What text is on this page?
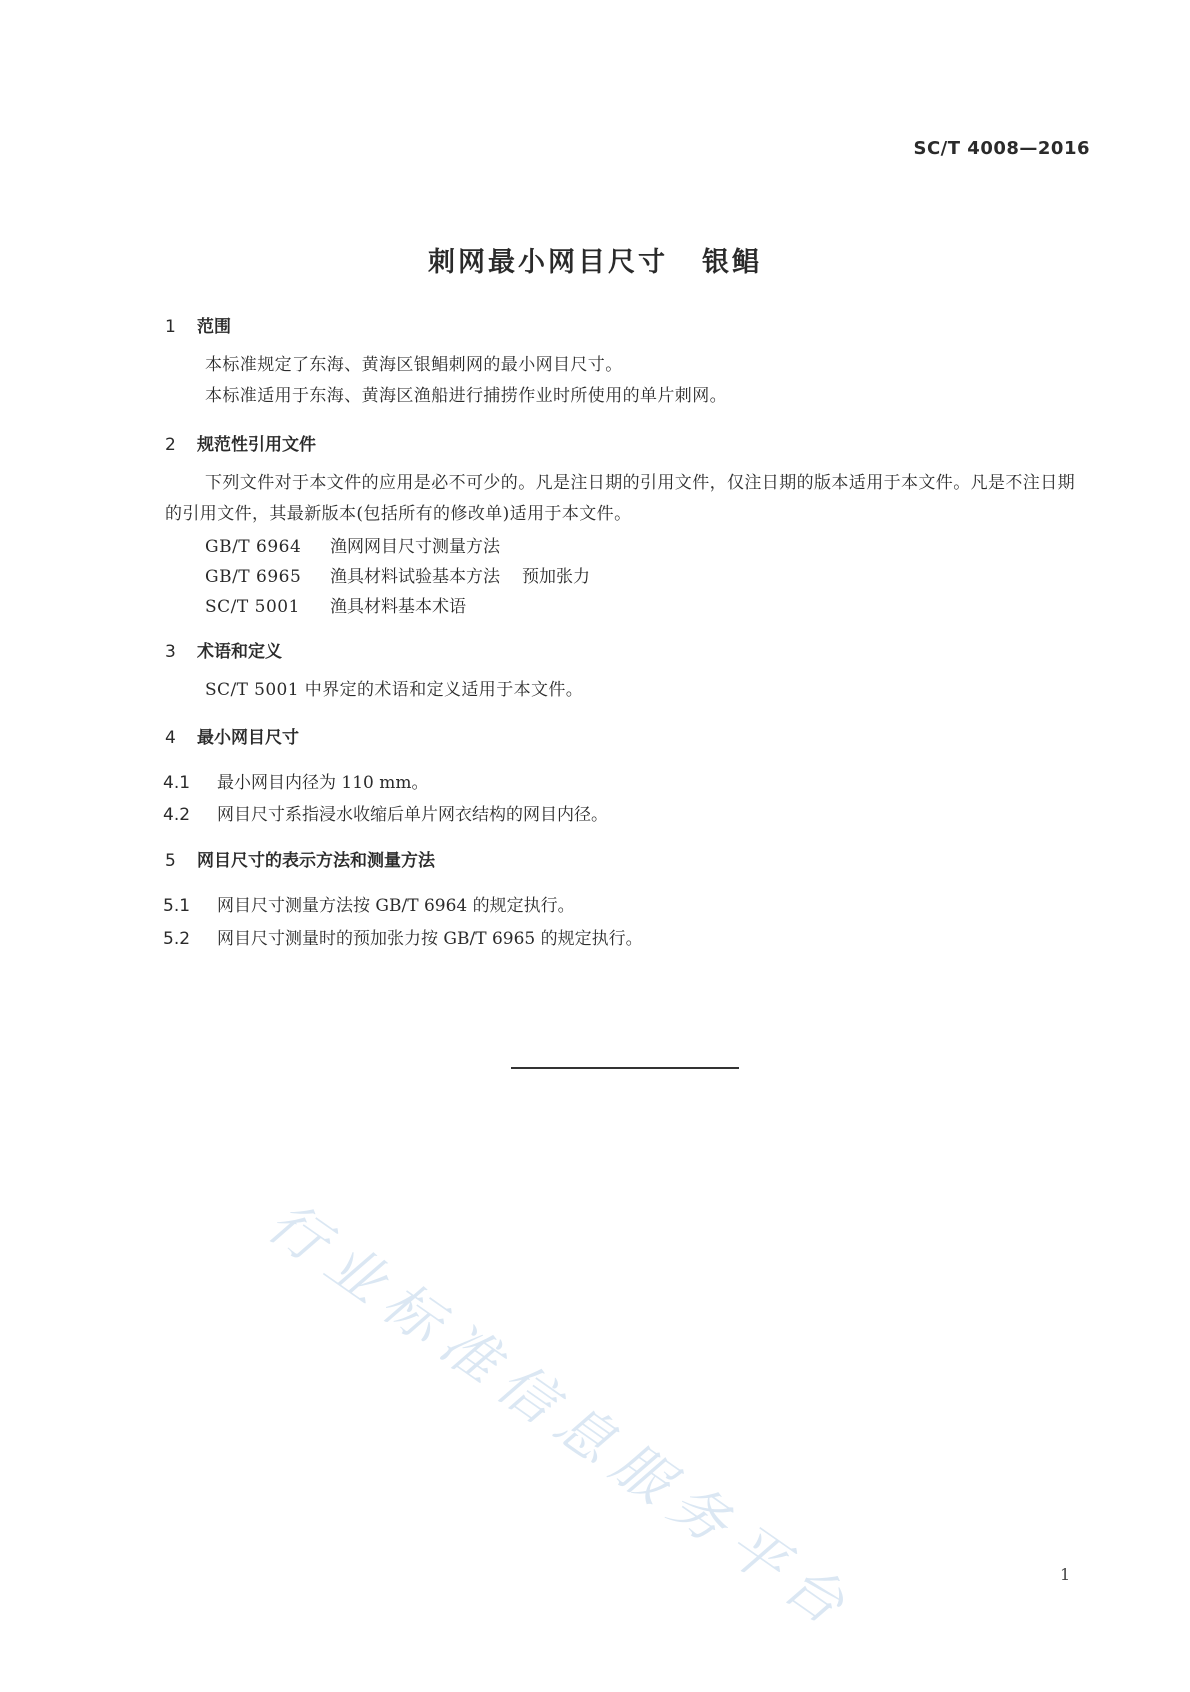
SC/T 4008—2016
刺网最小网目尺寸 银鲳
1 范围
本标准规定了东海、黄海区银鲳刺网的最小网目尺寸。
本标准适用于东海、黄海区渔船进行捕捞作业时所使用的单片刺网。
2 规范性引用文件
下列文件对于本文件的应用是必不可少的。凡是注日期的引用文件，仅注日期的版本适用于本文件。凡是不注日期的引用文件，其最新版本(包括所有的修改单)适用于本文件。
GB/T 6964 渔网网目尺寸测量方法
GB/T 6965 渔具材料试验基本方法 预加张力
SC/T 5001 渔具材料基本术语
3 术语和定义
SC/T 5001 中界定的术语和定义适用于本文件。
4 最小网目尺寸
4.1 最小网目内径为 110 mm。
4.2 网目尺寸系指浸水收缩后单片网衣结构的网目内径。
5 网目尺寸的表示方法和测量方法
5.1 网目尺寸测量方法按 GB/T 6964 的规定执行。
5.2 网目尺寸测量时的预加张力按 GB/T 6965 的规定执行。
行业标准信息服务平台	1
